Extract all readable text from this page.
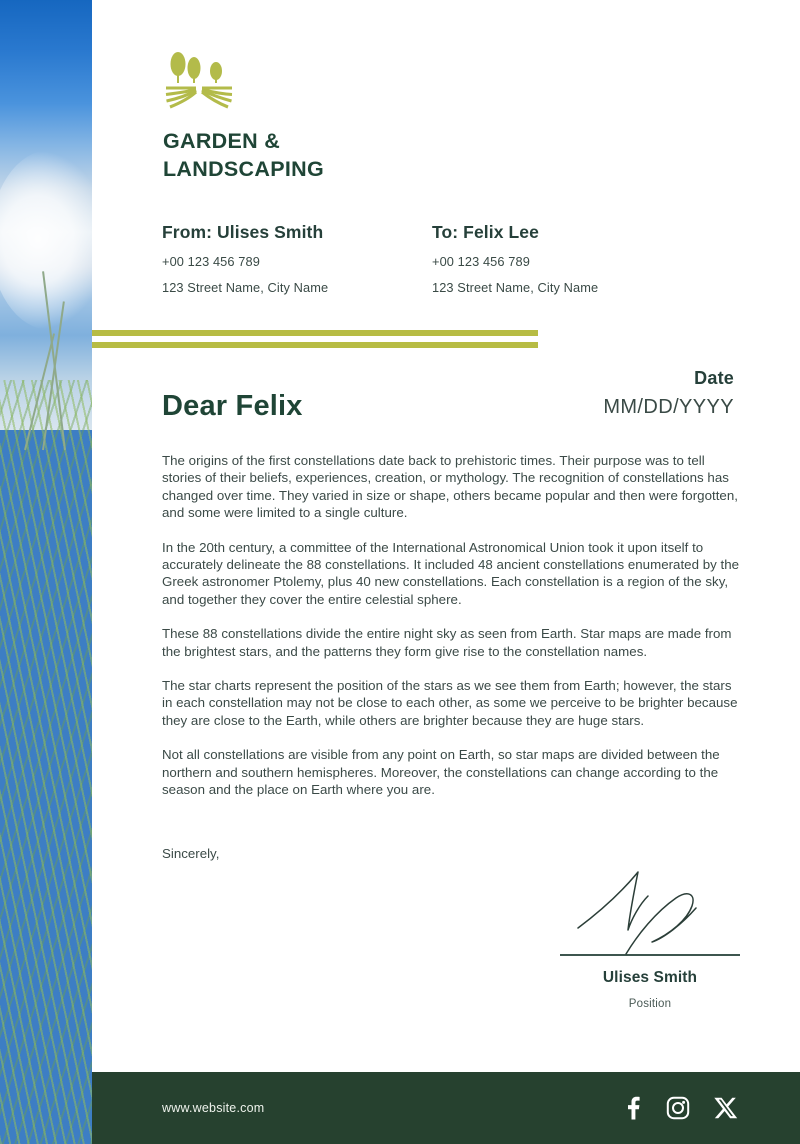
GARDEN &
LANDSCAPING
From: Ulises Smith
+00 123 456 789
123 Street Name, City Name
To: Felix Lee
+00 123 456 789
123 Street Name, City Name
Date
MM/DD/YYYY
Dear Felix

The origins of the first constellations date back to prehistoric times. Their purpose was to tell stories of their beliefs, experiences, creation, or mythology. The recognition of constellations has changed over time. They varied in size or shape, others became popular and then were forgotten, and some were limited to a single culture.

In the 20th century, a committee of the International Astronomical Union took it upon itself to accurately delineate the 88 constellations. It included 48 ancient constellations enumerated by the Greek astronomer Ptolemy, plus 40 new constellations. Each constellation is a region of the sky, and together they cover the entire celestial sphere.

These 88 constellations divide the entire night sky as seen from Earth. Star maps are made from the brightest stars, and the patterns they form give rise to the constellation names.

The star charts represent the position of the stars as we see them from Earth; however, the stars in each constellation may not be close to each other, as some we perceive to be brighter because they are close to the Earth, while others are brighter because they are huge stars.

Not all constellations are visible from any point on Earth, so star maps are divided between the northern and southern hemispheres. Moreover, the constellations can change according to the season and the place on Earth where you are.

Sincerely,
Ulises Smith
Position
www.website.com
